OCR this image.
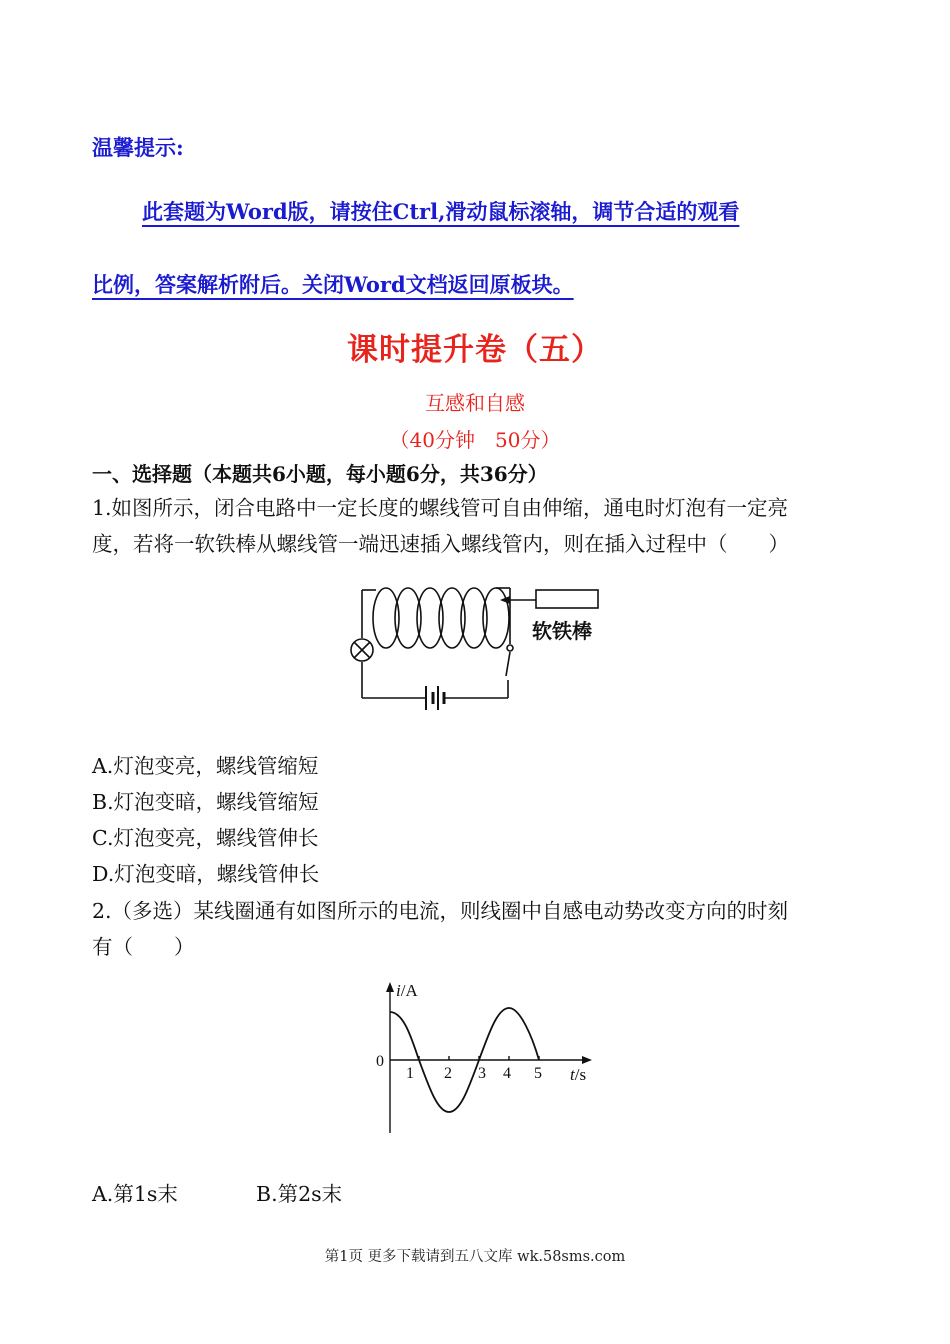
温馨提示:
此套题为Word版，请按住Ctrl,滑动鼠标滚轴，调节合适的观看
比例，答案解析附后。关闭Word文档返回原板块。
课时提升卷（五）
互感和自感
（40分钟　50分）
一、选择题（本题共6小题，每小题6分，共36分）
1.如图所示，闭合电路中一定长度的螺线管可自由伸缩，通电时灯泡有一定亮
度，若将一软铁棒从螺线管一端迅速插入螺线管内，则在插入过程中（　　）
软铁棒
A.灯泡变亮，螺线管缩短
B.灯泡变暗，螺线管缩短
C.灯泡变亮，螺线管伸长
D.灯泡变暗，螺线管伸长
2.（多选）某线圈通有如图所示的电流，则线圈中自感电动势改变方向的时刻
有（　　）
i/A
0
1 2 3 4 5 t/s
A.第1s末	B.第2s末
第1页 更多下载请到五八文库 wk.58sms.com
